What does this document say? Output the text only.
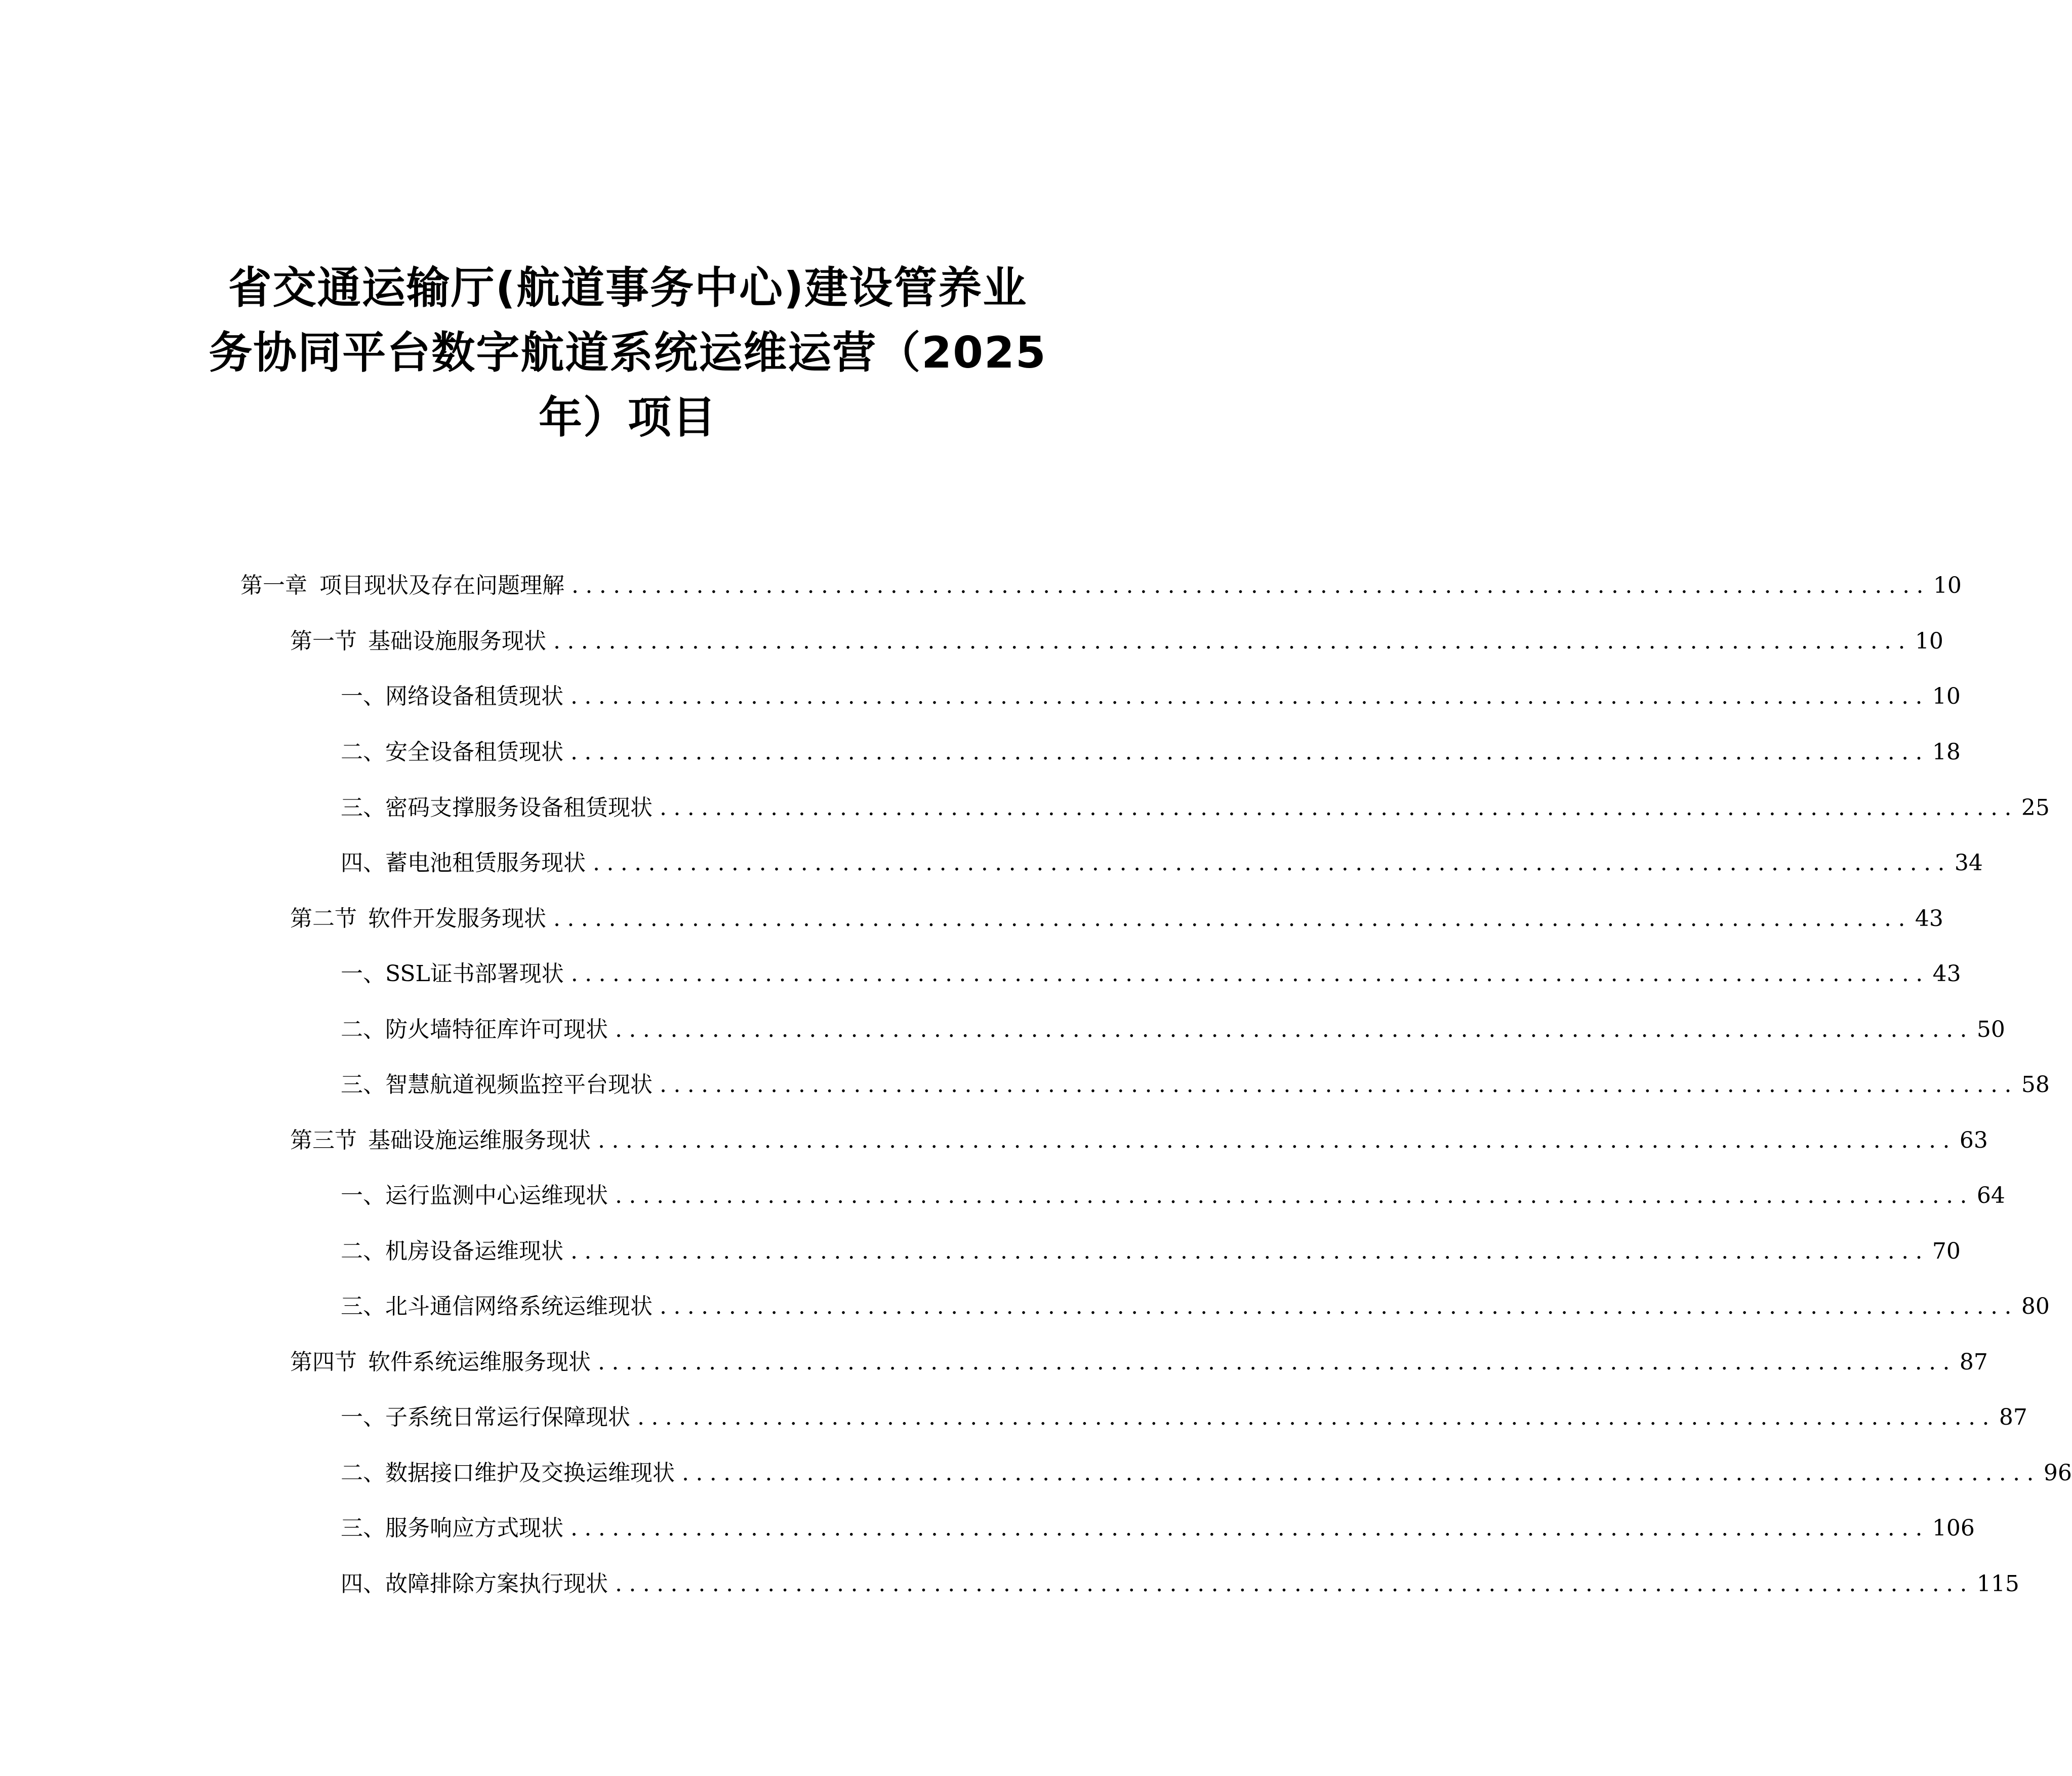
省交通运输厅(航道事务中心)建设管养业
务协同平台数字航道系统运维运营（2025
年）项目
第一章 项目现状及存在问题理解 .................................................................................................. 10
第一节 基础设施服务现状 .................................................................................................. 10
一、 网络设备租赁现状 .................................................................................................. 10
二、 安全设备租赁现状 .................................................................................................. 18
三、 密码支撑服务设备租赁现状 .................................................................................................. 25
四、 蓄电池租赁服务现状 .................................................................................................. 34
第二节 软件开发服务现状 .................................................................................................. 43
一、 SSL证书部署现状 .................................................................................................. 43
二、 防火墙特征库许可现状 .................................................................................................. 50
三、 智慧航道视频监控平台现状 .................................................................................................. 58
第三节 基础设施运维服务现状 .................................................................................................. 63
一、 运行监测中心运维现状 .................................................................................................. 64
二、 机房设备运维现状 .................................................................................................. 70
三、 北斗通信网络系统运维现状 .................................................................................................. 80
第四节 软件系统运维服务现状 .................................................................................................. 87
一、 子系统日常运行保障现状 .................................................................................................. 87
二、 数据接口维护及交换运维现状 .................................................................................................. 96
三、 服务响应方式现状 .................................................................................................. 106
四、 故障排除方案执行现状 .................................................................................................. 115
